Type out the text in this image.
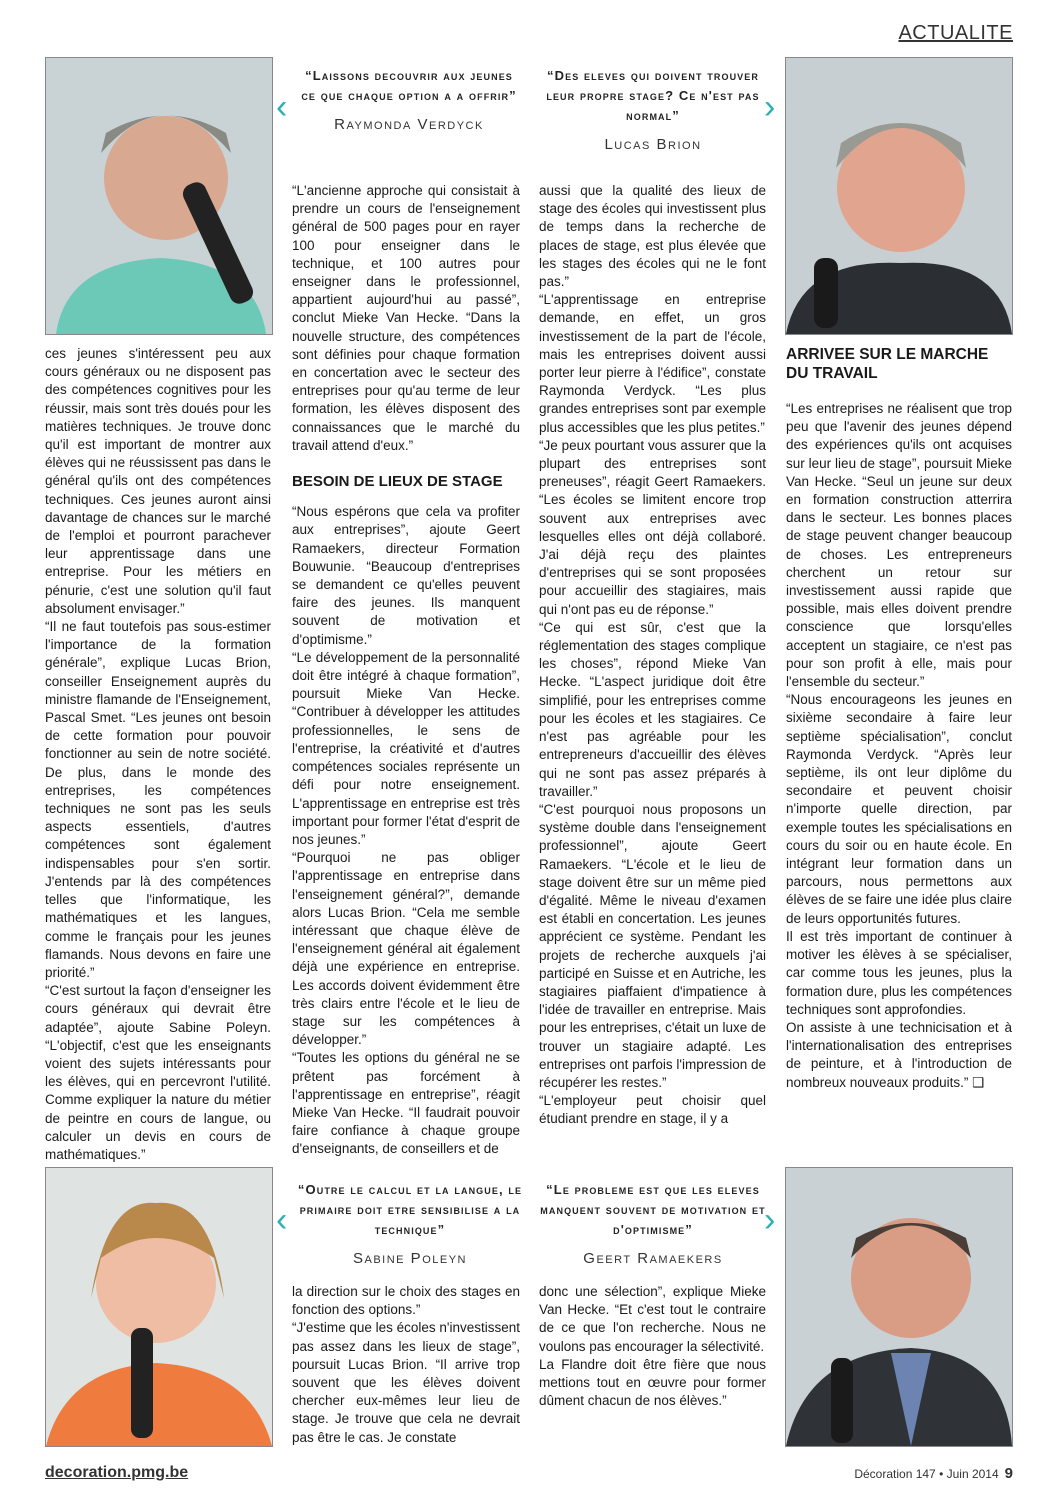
ACTUALITE
‹
“Laissons decouvrir aux jeunes ce que chaque option a a offrir”
Raymonda Verdyck
“Des eleves qui doivent trouver leur propre stage? Ce n'est pas normal”
Lucas Brion
›
‹
“Outre le calcul et la langue, le primaire doit etre sensibilise a la technique”
Sabine Poleyn
“Le probleme est que les eleves manquent souvent de motivation et d'optimisme”
Geert Ramaekers
›

ces jeunes s'intéressent peu aux cours généraux ou ne disposent pas des compétences cognitives pour les réussir, mais sont très doués pour les matières techniques. Je trouve donc qu'il est important de montrer aux élèves qui ne réussissent pas dans le général qu'ils ont des compétences techniques. Ces jeunes auront ainsi davantage de chances sur le marché de l'emploi et pourront parachever leur apprentissage dans une entreprise. Pour les métiers en pénurie, c'est une solution qu'il faut absolument envisager.”

“Il ne faut toutefois pas sous-estimer l'importance de la formation générale”, explique Lucas Brion, conseiller Enseignement auprès du ministre flamande de l'Enseignement, Pascal Smet. “Les jeunes ont besoin de cette formation pour pouvoir fonctionner au sein de notre société. De plus, dans le monde des entreprises, les compétences techniques ne sont pas les seuls aspects essentiels, d'autres compétences sont également indispensables pour s'en sortir. J'entends par là des compétences telles que l'informatique, les mathématiques et les langues, comme le français pour les jeunes flamands. Nous devons en faire une priorité.”

“C'est surtout la façon d'enseigner les cours généraux qui devrait être adaptée”, ajoute Sabine Poleyn. “L'objectif, c'est que les enseignants voient des sujets intéressants pour les élèves, qui en percevront l'utilité. Comme expliquer la nature du métier de peintre en cours de langue, ou calculer un devis en cours de mathématiques.”

“L'ancienne approche qui consistait à prendre un cours de l'enseignement général de 500 pages pour en rayer 100 pour enseigner dans le technique, et 100 autres pour enseigner dans le professionnel, appartient aujourd'hui au passé”, conclut Mieke Van Hecke. “Dans la nouvelle structure, des compétences sont définies pour chaque formation en concertation avec le secteur des entreprises pour qu'au terme de leur formation, les élèves disposent des connaissances que le marché du travail attend d'eux.”

BESOIN DE LIEUX DE STAGE

“Nous espérons que cela va profiter aux entreprises”, ajoute Geert Ramaekers, directeur Formation Bouwunie. “Beaucoup d'entreprises se demandent ce qu'elles peuvent faire des jeunes. Ils manquent souvent de motivation et d'optimisme.”

“Le développement de la personnalité doit être intégré à chaque formation”, poursuit Mieke Van Hecke. “Contribuer à développer les attitudes professionnelles, le sens de l'entreprise, la créativité et d'autres compétences sociales représente un défi pour notre enseignement. L'apprentissage en entreprise est très important pour former l'état d'esprit de nos jeunes.”

“Pourquoi ne pas obliger l'apprentissage en entreprise dans l'enseignement général?”, demande alors Lucas Brion. “Cela me semble intéressant que chaque élève de l'enseignement général ait également déjà une expérience en entreprise. Les accords doivent évidemment être très clairs entre l'école et le lieu de stage sur les compétences à développer.”

“Toutes les options du général ne se prêtent pas forcément à l'apprentissage en entreprise”, réagit Mieke Van Hecke. “Il faudrait pouvoir faire confiance à chaque groupe d'enseignants, de conseillers et de

la direction sur le choix des stages en fonction des options.”

“J'estime que les écoles n'investissent pas assez dans les lieux de stage”, poursuit Lucas Brion. “Il arrive trop souvent que les élèves doivent chercher eux-mêmes leur lieu de stage. Je trouve que cela ne devrait pas être le cas. Je constate

aussi que la qualité des lieux de stage des écoles qui investissent plus de temps dans la recherche de places de stage, est plus élevée que les stages des écoles qui ne le font pas.”

“L'apprentissage en entreprise demande, en effet, un gros investissement de la part de l'école, mais les entreprises doivent aussi porter leur pierre à l'édifice”, constate Raymonda Verdyck. “Les plus grandes entreprises sont par exemple plus accessibles que les plus petites.”

“Je peux pourtant vous assurer que la plupart des entreprises sont preneuses”, réagit Geert Ramaekers. “Les écoles se limitent encore trop souvent aux entreprises avec lesquelles elles ont déjà collaboré. J'ai déjà reçu des plaintes d'entreprises qui se sont proposées pour accueillir des stagiaires, mais qui n'ont pas eu de réponse.”

“Ce qui est sûr, c'est que la réglementation des stages complique les choses”, répond Mieke Van Hecke. “L'aspect juridique doit être simplifié, pour les entreprises comme pour les écoles et les stagiaires. Ce n'est pas agréable pour les entrepreneurs d'accueillir des élèves qui ne sont pas assez préparés à travailler.”

“C'est pourquoi nous proposons un système double dans l'enseignement professionnel”, ajoute Geert Ramaekers. “L'école et le lieu de stage doivent être sur un même pied d'égalité. Même le niveau d'examen est établi en concertation. Les jeunes apprécient ce système. Pendant les projets de recherche auxquels j'ai participé en Suisse et en Autriche, les stagiaires piaffaient d'impatience à l'idée de travailler en entreprise. Mais pour les entreprises, c'était un luxe de trouver un stagiaire adapté. Les entreprises ont parfois l'impression de récupérer les restes.”

“L'employeur peut choisir quel étudiant prendre en stage, il y a

donc une sélection”, explique Mieke Van Hecke. “Et c'est tout le contraire de ce que l'on recherche. Nous ne voulons pas encourager la sélectivité.

La Flandre doit être fière que nous mettions tout en œuvre pour former dûment chacun de nos élèves.”

ARRIVEE SUR LE MARCHE DU TRAVAIL

“Les entreprises ne réalisent que trop peu que l'avenir des jeunes dépend des expériences qu'ils ont acquises sur leur lieu de stage”, poursuit Mieke Van Hecke. “Seul un jeune sur deux en formation construction atterrira dans le secteur. Les bonnes places de stage peuvent changer beaucoup de choses. Les entrepreneurs cherchent un retour sur investissement aussi rapide que possible, mais elles doivent prendre conscience que lorsqu'elles acceptent un stagiaire, ce n'est pas pour son profit à elle, mais pour l'ensemble du secteur.”

“Nous encourageons les jeunes en sixième secondaire à faire leur septième spécialisation”, conclut Raymonda Verdyck. “Après leur septième, ils ont leur diplôme du secondaire et peuvent choisir n'importe quelle direction, par exemple toutes les spécialisations en cours du soir ou en haute école. En intégrant leur formation dans un parcours, nous permettons aux élèves de se faire une idée plus claire de leurs opportunités futures.

Il est très important de continuer à motiver les élèves à se spécialiser, car comme tous les jeunes, plus la formation dure, plus les compétences techniques sont approfondies.

On assiste à une technicisation et à l'internationalisation des entreprises de peinture, et à l'introduction de nombreux nouveaux produits.” ❑

decoration.pmg.be	Décoration 147 • Juin 2014 9
